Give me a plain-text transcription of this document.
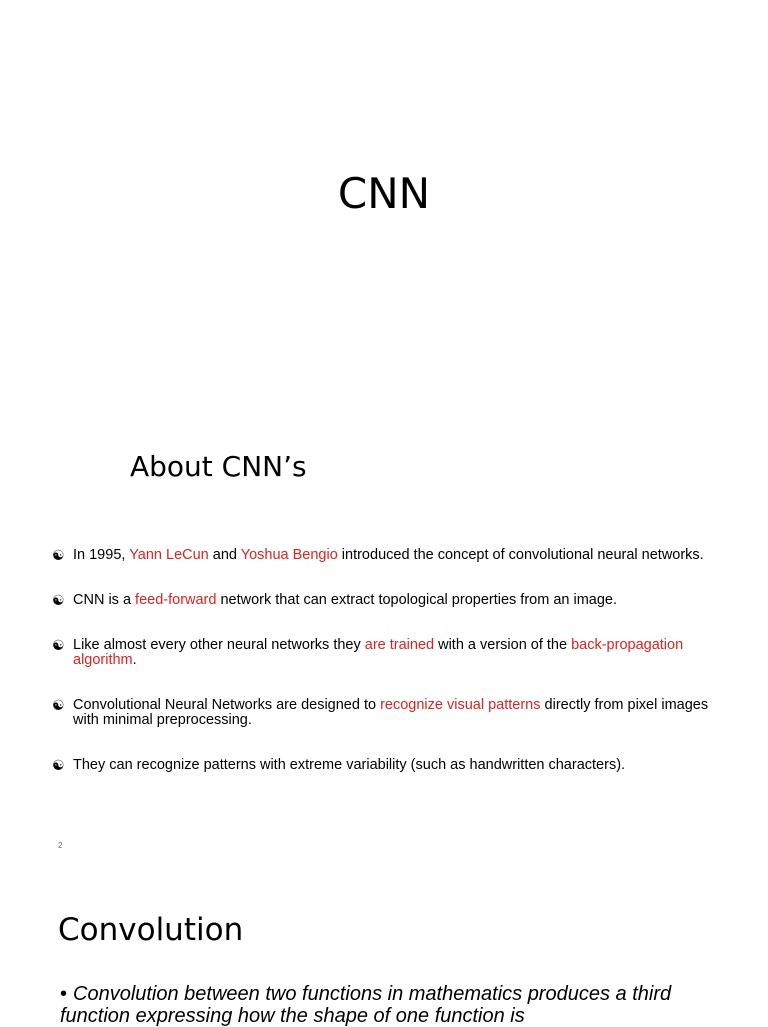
CNN
About CNN’s
☯ In 1995, Yann LeCun and Yoshua Bengio introduced the concept of convolutional neural networks.
☯ CNN is a feed-forward network that can extract topological properties from an image.
☯ Like almost every other neural networks they are trained with a version of the back-propagation algorithm.
☯ Convolutional Neural Networks are designed to recognize visual patterns directly from pixel images with minimal preprocessing.
☯ They can recognize patterns with extreme variability (such as handwritten characters).
2
Convolution
• Convolution between two functions in mathematics produces a third function expressing how the shape of one function is
